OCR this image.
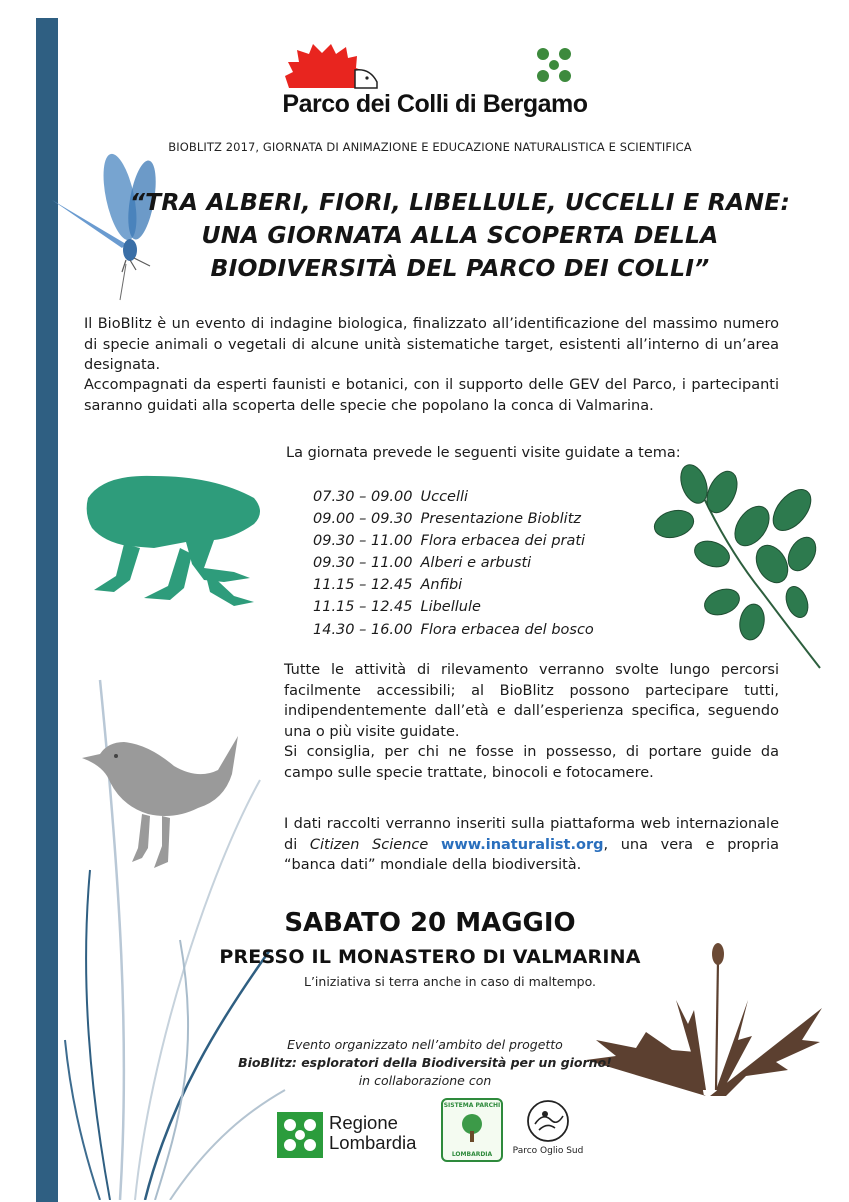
Parco dei Colli di Bergamo
BIOBLITZ 2017, GIORNATA DI ANIMAZIONE E EDUCAZIONE NATURALISTICA E SCIENTIFICA
“TRA ALBERI, FIORI, LIBELLULE, UCCELLI E RANE:
UNA GIORNATA ALLA SCOPERTA DELLA
BIODIVERSITÀ DEL PARCO DEI COLLI”
Il BioBlitz è un evento di indagine biologica, finalizzato all’identificazione del massimo numero di specie animali o vegetali di alcune unità sistematiche target, esistenti all’interno di un’area designata.
Accompagnati da esperti faunisti e botanici, con il supporto delle GEV del Parco, i partecipanti saranno guidati alla scoperta delle specie che popolano la conca di Valmarina.
La giornata prevede le seguenti visite guidate a tema:
07.30 – 09.00 Uccelli
09.00 – 09.30 Presentazione Bioblitz
09.30 – 11.00 Flora erbacea dei prati
09.30 – 11.00 Alberi e arbusti
11.15 – 12.45 Anfibi
11.15 – 12.45 Libellule
14.30 – 16.00 Flora erbacea del bosco
Tutte le attività di rilevamento verranno svolte lungo percorsi facilmente accessibili; al BioBlitz possono partecipare tutti, indipendentemente dall’età e dall’esperienza specifica, seguendo una o più visite guidate.
Si consiglia, per chi ne fosse in possesso, di portare guide da campo sulle specie trattate, binocoli e fotocamere.
I dati raccolti verranno inseriti sulla piattaforma web internazionale di Citizen Science www.inaturalist.org, una vera e propria “banca dati” mondiale della biodiversità.
SABATO 20 MAGGIO
PRESSO IL MONASTERO DI VALMARINA
L’iniziativa si terra anche in caso di maltempo.
Evento organizzato nell’ambito del progetto
BioBlitz: esploratori della Biodiversità per un giorno!
in collaborazione con
Regione
Lombardia
SISTEMA PARCHI
LOMBARDIA	Parco Oglio Sud
